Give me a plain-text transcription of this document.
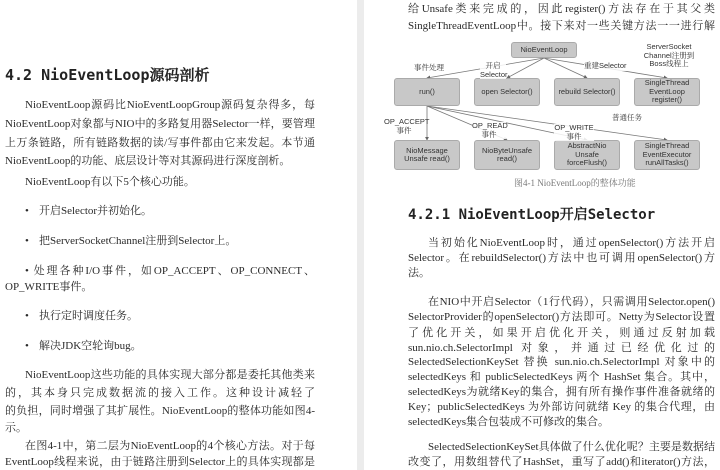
4.2 NioEventLoop源码剖析
NioEventLoop源码比NioEventLoopGroup源码复杂得多，每
NioEventLoop对象都与NIO中的多路复用器Selector一样，要管理
上万条链路，所有链路数据的读/写事件都由它来发起。本节通
NioEventLoop的功能、底层设计等对其源码进行深度剖析。
NioEventLoop有以下5个核心功能。
• 开启Selector并初始化。
• 把ServerSocketChannel注册到Selector上。
• 处理各种I/O事件，如OP_ACCEPT、OP_CONNECT、
OP_WRITE事件。
• 执行定时调度任务。
• 解决JDK空轮询bug。
NioEventLoop这些功能的具体实现大部分都是委托其他类来
的，其本身只完成数据流的接入工作。这种设计减轻了
的负担，同时增强了其扩展性。NioEventLoop的整体功能如图4-
示。
在图4-1中，第二层为NioEventLoop的4个核心方法。对于每
EventLoop线程来说，由于链路注册到Selector上的具体实现都是
给Unsafe类来完成的，因此register()方法存在于其父类
SingleThreadEventLoop中。接下来对一些关键方法一一进行解
NioEventLoop
run()	open Selector()	rebuild Selector()
SingleThread EventLoop register()
事件处理	开启 Selector
重建Selector
ServerSocket Channel注册到 Boss线程上
NioMessage Unsafe read()
NioByteUnsafe read()
AbstractNio Unsafe forceFlush()
SingleThread EventExecutor runAllTasks()
OP_ACCEPT 事件	OP_READ 事件
OP_WRITE 事件
普通任务
图4-1 NioEventLoop的整体功能
4.2.1 NioEventLoop开启Selector
当初始化NioEventLoop时，通过openSelector()方法开启
Selector。在rebuildSelector()方法中也可调用openSelector()方
法。
在NIO中开启Selector（1行代码），只需调用Selector.open()
SelectorProvider的openSelector()方法即可。Netty为Selector设置
了优化开关，如果开启优化开关，则通过反射加载
sun.nio.ch.SelectorImpl 对象，并通过已经优化过的
SelectedSelectionKeySet 替换 sun.nio.ch.SelectorImpl 对象中的
selectedKeys 和 publicSelectedKeys 两个 HashSet 集合。其中，
selectedKeys为就绪Key的集合，拥有所有操作事件准备就绪的
Key；publicSelectedKeys 为外部访问就绪 Key 的集合代理，由
selectedKeys集合包装成不可修改的集合。
SelectedSelectionKeySet具体做了什么优化呢？主要是数据结
改变了，用数组替代了HashSet，重写了add()和iterator()方法，
